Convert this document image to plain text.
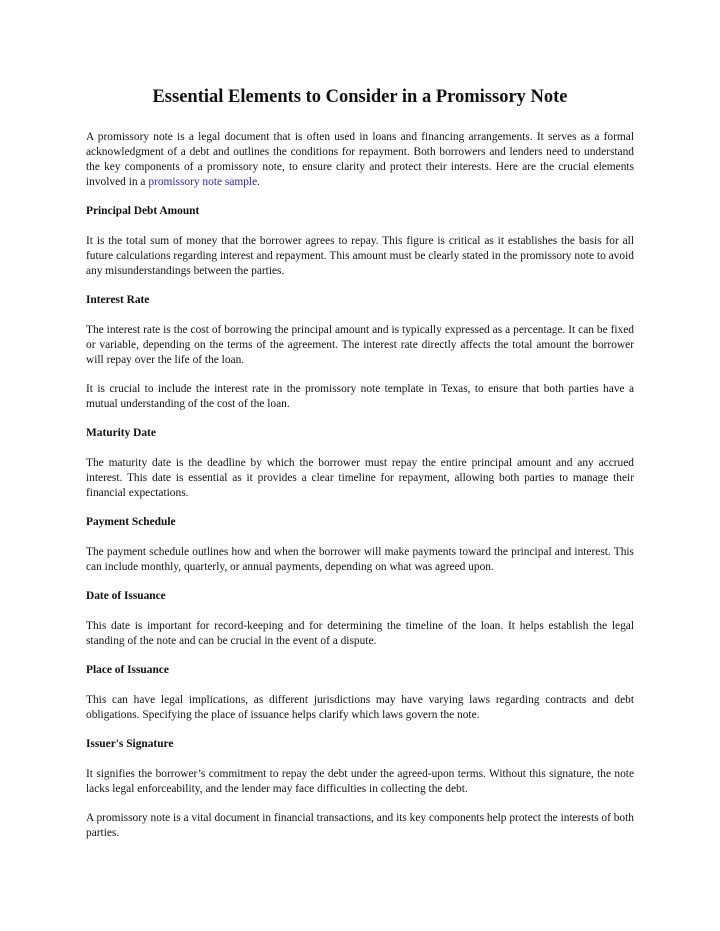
Essential Elements to Consider in a Promissory Note

A promissory note is a legal document that is often used in loans and financing arrangements. It serves as a formal acknowledgment of a debt and outlines the conditions for repayment. Both borrowers and lenders need to understand the key components of a promissory note, to ensure clarity and protect their interests. Here are the crucial elements involved in a promissory note sample.

Principal Debt Amount

It is the total sum of money that the borrower agrees to repay. This figure is critical as it establishes the basis for all future calculations regarding interest and repayment. This amount must be clearly stated in the promissory note to avoid any misunderstandings between the parties.

Interest Rate

The interest rate is the cost of borrowing the principal amount and is typically expressed as a percentage. It can be fixed or variable, depending on the terms of the agreement. The interest rate directly affects the total amount the borrower will repay over the life of the loan.

It is crucial to include the interest rate in the promissory note template in Texas, to ensure that both parties have a mutual understanding of the cost of the loan.

Maturity Date

The maturity date is the deadline by which the borrower must repay the entire principal amount and any accrued interest. This date is essential as it provides a clear timeline for repayment, allowing both parties to manage their financial expectations.

Payment Schedule

The payment schedule outlines how and when the borrower will make payments toward the principal and interest. This can include monthly, quarterly, or annual payments, depending on what was agreed upon.

Date of Issuance

This date is important for record-keeping and for determining the timeline of the loan. It helps establish the legal standing of the note and can be crucial in the event of a dispute.

Place of Issuance

This can have legal implications, as different jurisdictions may have varying laws regarding contracts and debt obligations. Specifying the place of issuance helps clarify which laws govern the note.

Issuer's Signature

It signifies the borrower’s commitment to repay the debt under the agreed-upon terms. Without this signature, the note lacks legal enforceability, and the lender may face difficulties in collecting the debt.

A promissory note is a vital document in financial transactions, and its key components help protect the interests of both parties.
